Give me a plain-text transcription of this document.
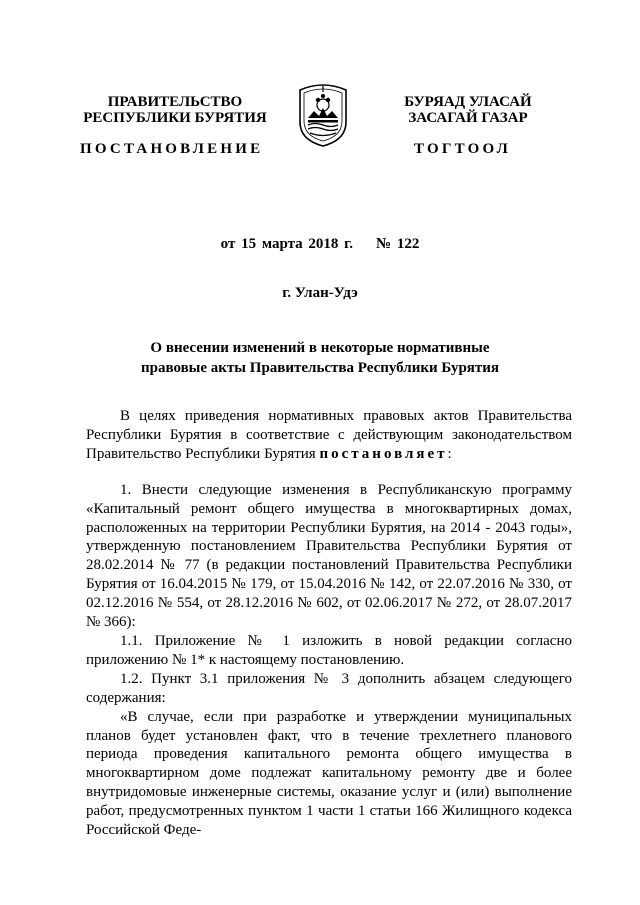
ПРАВИТЕЛЬСТВО
РЕСПУБЛИКИ БУРЯТИЯ
БУРЯАД УЛАСАЙ
ЗАСАГАЙ ГАЗАР
ПОСТАНОВЛЕНИЕ	ТОГТООЛ
от 15 марта 2018 г.    № 122
г. Улан-Удэ
О внесении изменений в некоторые нормативные
правовые акты Правительства Республики Бурятия

В целях приведения нормативных правовых актов Правительства Республики Бурятия в соответствие с действующим законодательством Правительство Республики Бурятия постановляет:

1. Внести следующие изменения в Республиканскую программу «Капитальный ремонт общего имущества в многоквартирных домах, расположенных на территории Республики Бурятия, на 2014 - 2043 годы», утвержденную постановлением Правительства Республики Бурятия от 28.02.2014 № 77 (в редакции постановлений Правительства Республики Бурятия от 16.04.2015 № 179, от 15.04.2016 № 142, от 22.07.2016 № 330, от 02.12.2016 № 554, от 28.12.2016 № 602, от 02.06.2017 № 272, от 28.07.2017 № 366):

1.1. Приложение № 1 изложить в новой редакции согласно приложению № 1* к настоящему постановлению.

1.2. Пункт 3.1 приложения № 3 дополнить абзацем следующего содержания:

«В случае, если при разработке и утверждении муниципальных планов будет установлен факт, что в течение трехлетнего планового периода проведения капитального ремонта общего имущества в многоквартирном доме подлежат капитальному ремонту две и более внутридомовые инженерные системы, оказание услуг и (или) выполнение работ, предусмотренных пунктом 1 части 1 статьи 166 Жилищного кодекса Российской Феде-
